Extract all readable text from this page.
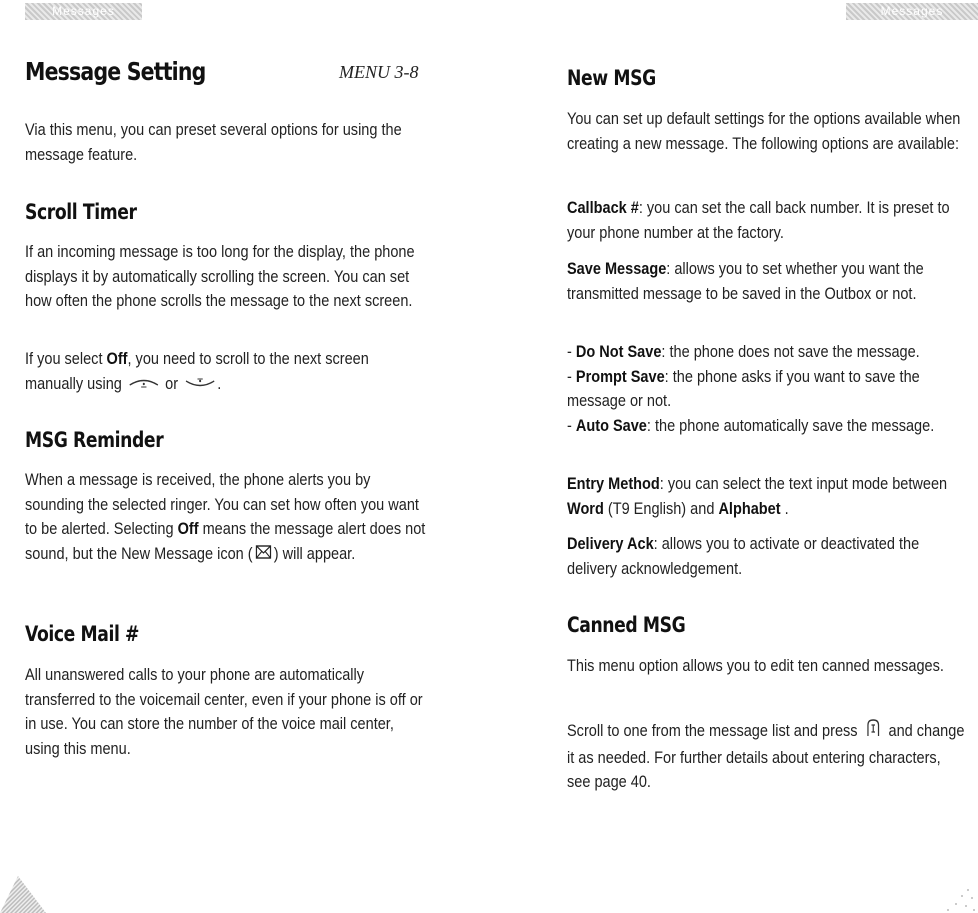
Messages	Messages
Message Setting	MENU 3-8
Via this menu, you can preset several options for using the message feature.
Scroll Timer
If an incoming message is too long for the display, the phone displays it by automatically scrolling the screen. You can set how often the phone scrolls the message to the next screen.
If you select Off, you need to scroll to the next screen manually using  or .
MSG Reminder
When a message is received, the phone alerts you by sounding the selected ringer. You can set how often you want to be alerted. Selecting Off means the message alert does not sound, but the New Message icon ( ) will appear.
Voice Mail #
All unanswered calls to your phone are automatically transferred to the voicemail center, even if your phone is off or in use. You can store the number of the voice mail center, using this menu.
New MSG
You can set up default settings for the options available when creating a new message. The following options are available:
Callback #: you can set the call back number. It is preset to your phone number at the factory.
Save Message: allows you to set whether you want the transmitted message to be saved in the Outbox or not.
- Do Not Save: the phone does not save the message.
- Prompt Save: the phone asks if you want to save the message or not.
- Auto Save: the phone automatically save the message.
Entry Method: you can select the text input mode between Word (T9 English) and Alphabet .
Delivery Ack: allows you to activate or deactivated the delivery acknowledgement.
Canned MSG
This menu option allows you to edit ten canned messages.
Scroll to one from the message list and press  and change it as needed. For further details about entering characters, see page 40.
